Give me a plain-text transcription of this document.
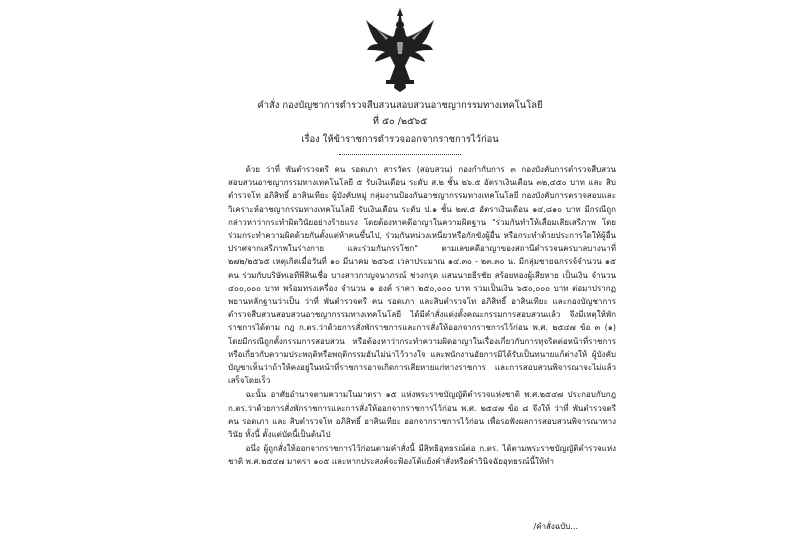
คำสั่ง กองบัญชาการตำรวจสืบสวนสอบสวนอาชญากรรมทางเทคโนโลยี
ที่ ๕๐ /๒๕๖๕
เรื่อง ให้ข้าราชการตำรวจออกจากราชการไว้ก่อน

ด้วย ว่าที่ พันตำรวจตรี คน รอดเภา สารวัตร (สอบสวน) กองกำกับการ ๓ กองบังคับการตำรวจสืบสวนสอบสวนอาชญากรรมทางเทคโนโลยี ๕ รับเงินเดือน ระดับ ส.๒ ชั้น ๒๖.๕ อัตราเงินเดือน ๓๒,๔๕๐ บาท และ สิบตำรวจโท อภิสิทธิ์ อาสินเทียะ ผู้บังคับหมู่ กลุ่มงานป้องกันอาชญากรรมทางเทคโนโลยี กองบังคับการตรวจสอบและวิเคราะห์อาชญากรรมทางเทคโนโลยี รับเงินเดือน ระดับ ป.๑ ชั้น ๒๗.๕ อัตราเงินเดือน ๑๔,๘๑๐ บาท มีกรณีถูกกล่าวหาว่ากระทำผิดวินัยอย่างร้ายแรง โดยต้องหาคดีอาญาในความผิดฐาน "ร่วมกันทำให้เสื่อมเสียเสรีภาพ โดยร่วมกระทำความผิดด้วยกันตั้งแต่ห้าคนขึ้นไป, ร่วมกันหน่วงเหนี่ยวหรือกักขังผู้อื่น หรือกระทำด้วยประการใดให้ผู้อื่นปราศจากเสรีภาพในร่างกาย และร่วมกันกรรโชก" ตามเลขคดีอาญาของสถานีตำรวจนครบาลบางนาที่ ๒๗๒/๒๕๖๕ เหตุเกิดเมื่อวันที่ ๑๐ มีนาคม ๒๕๖๕ เวลาประมาณ ๑๔.๓๐ - ๒๓.๓๐ น. มีกลุ่มชายฉกรรจ์จำนวน ๑๕ คน ร่วมกับบริษัทเอทีพีสินเชื่อ บางสาวกาญจนาภรณ์ ช่วงกรุด แสนนายธีรชัย สร้อยทองผู้เสียหาย เป็นเงิน จำนวน ๔๐๐,๐๐๐ บาท พร้อมทรงเครื่อง จำนวน ๑ องค์ ราคา ๒๕๐,๐๐๐ บาท รวมเป็นเงิน ๖๕๐,๐๐๐ บาท ต่อมาปรากฏพยานหลักฐานว่าเป็น ว่าที่ พันตำรวจตรี คน รอดเภา และสิบตำรวจโท อภิสิทธิ์ อาสินเทียะ และกองบัญชาการตำรวจสืบสวนสอบสวนอาชญากรรมทางเทคโนโลยี ได้มีคำสั่งแต่งตั้งคณะกรรมการสอบสวนแล้ว จึงมีเหตุให้พักราชการได้ตาม กฎ ก.ตร.ว่าด้วยการสั่งพักราชการและการสั่งให้ออกจากราชการไว้ก่อน พ.ศ. ๒๕๔๗ ข้อ ๓ (๑) โดยมีกรณีถูกตั้งกรรมการสอบสวน หรือต้องหาว่ากระทำความผิดอาญาในเรื่องเกี่ยวกับการทุจริตต่อหน้าที่ราชการ หรือเกี่ยวกับความประพฤติหรือพฤติกรรมอันไม่น่าไว้วางใจ และพนักงานอัยการมิได้รับเป็นทนายแก้ต่างให้ ผู้บังคับบัญชาเห็นว่าถ้าให้คงอยู่ในหน้าที่ราชการอาจเกิดการเสียหายแก่ทางราชการ และการสอบสวนพิจารณาจะไม่แล้วเสร็จโดยเร็ว

ฉะนั้น อาศัยอำนาจตามความในมาตรา ๑๕ แห่งพระราชบัญญัติตำรวจแห่งชาติ พ.ศ.๒๕๔๗ ประกอบกับกฎ ก.ตร.ว่าด้วยการสั่งพักราชการและการสั่งให้ออกจากราชการไว้ก่อน พ.ศ. ๒๕๔๗ ข้อ ๘ จึงให้ ว่าที่ พันตำรวจตรี คน รอดเภา และ สิบตำรวจโท อภิสิทธิ์ อาสินเทียะ ออกจากราชการไว้ก่อน เพื่อรอฟังผลการสอบสวนพิจารณาทางวินัย ทั้งนี้ ตั้งแต่บัดนี้เป็นต้นไป

อนึ่ง ผู้ถูกสั่งให้ออกจากราชการไว้ก่อนตามคำสั่งนี้ มีสิทธิอุทธรณ์ต่อ ก.ตร. ได้ตามพระราชบัญญัติตำรวจแห่งชาติ พ.ศ.๒๕๔๗ มาตรา ๑๐๕ และหากประสงค์จะฟ้องโต้แย้งคำสั่งหรือคำวินิจฉัยอุทธรณ์นี้ให้ทำ

/คำสั่งฉบับ...
